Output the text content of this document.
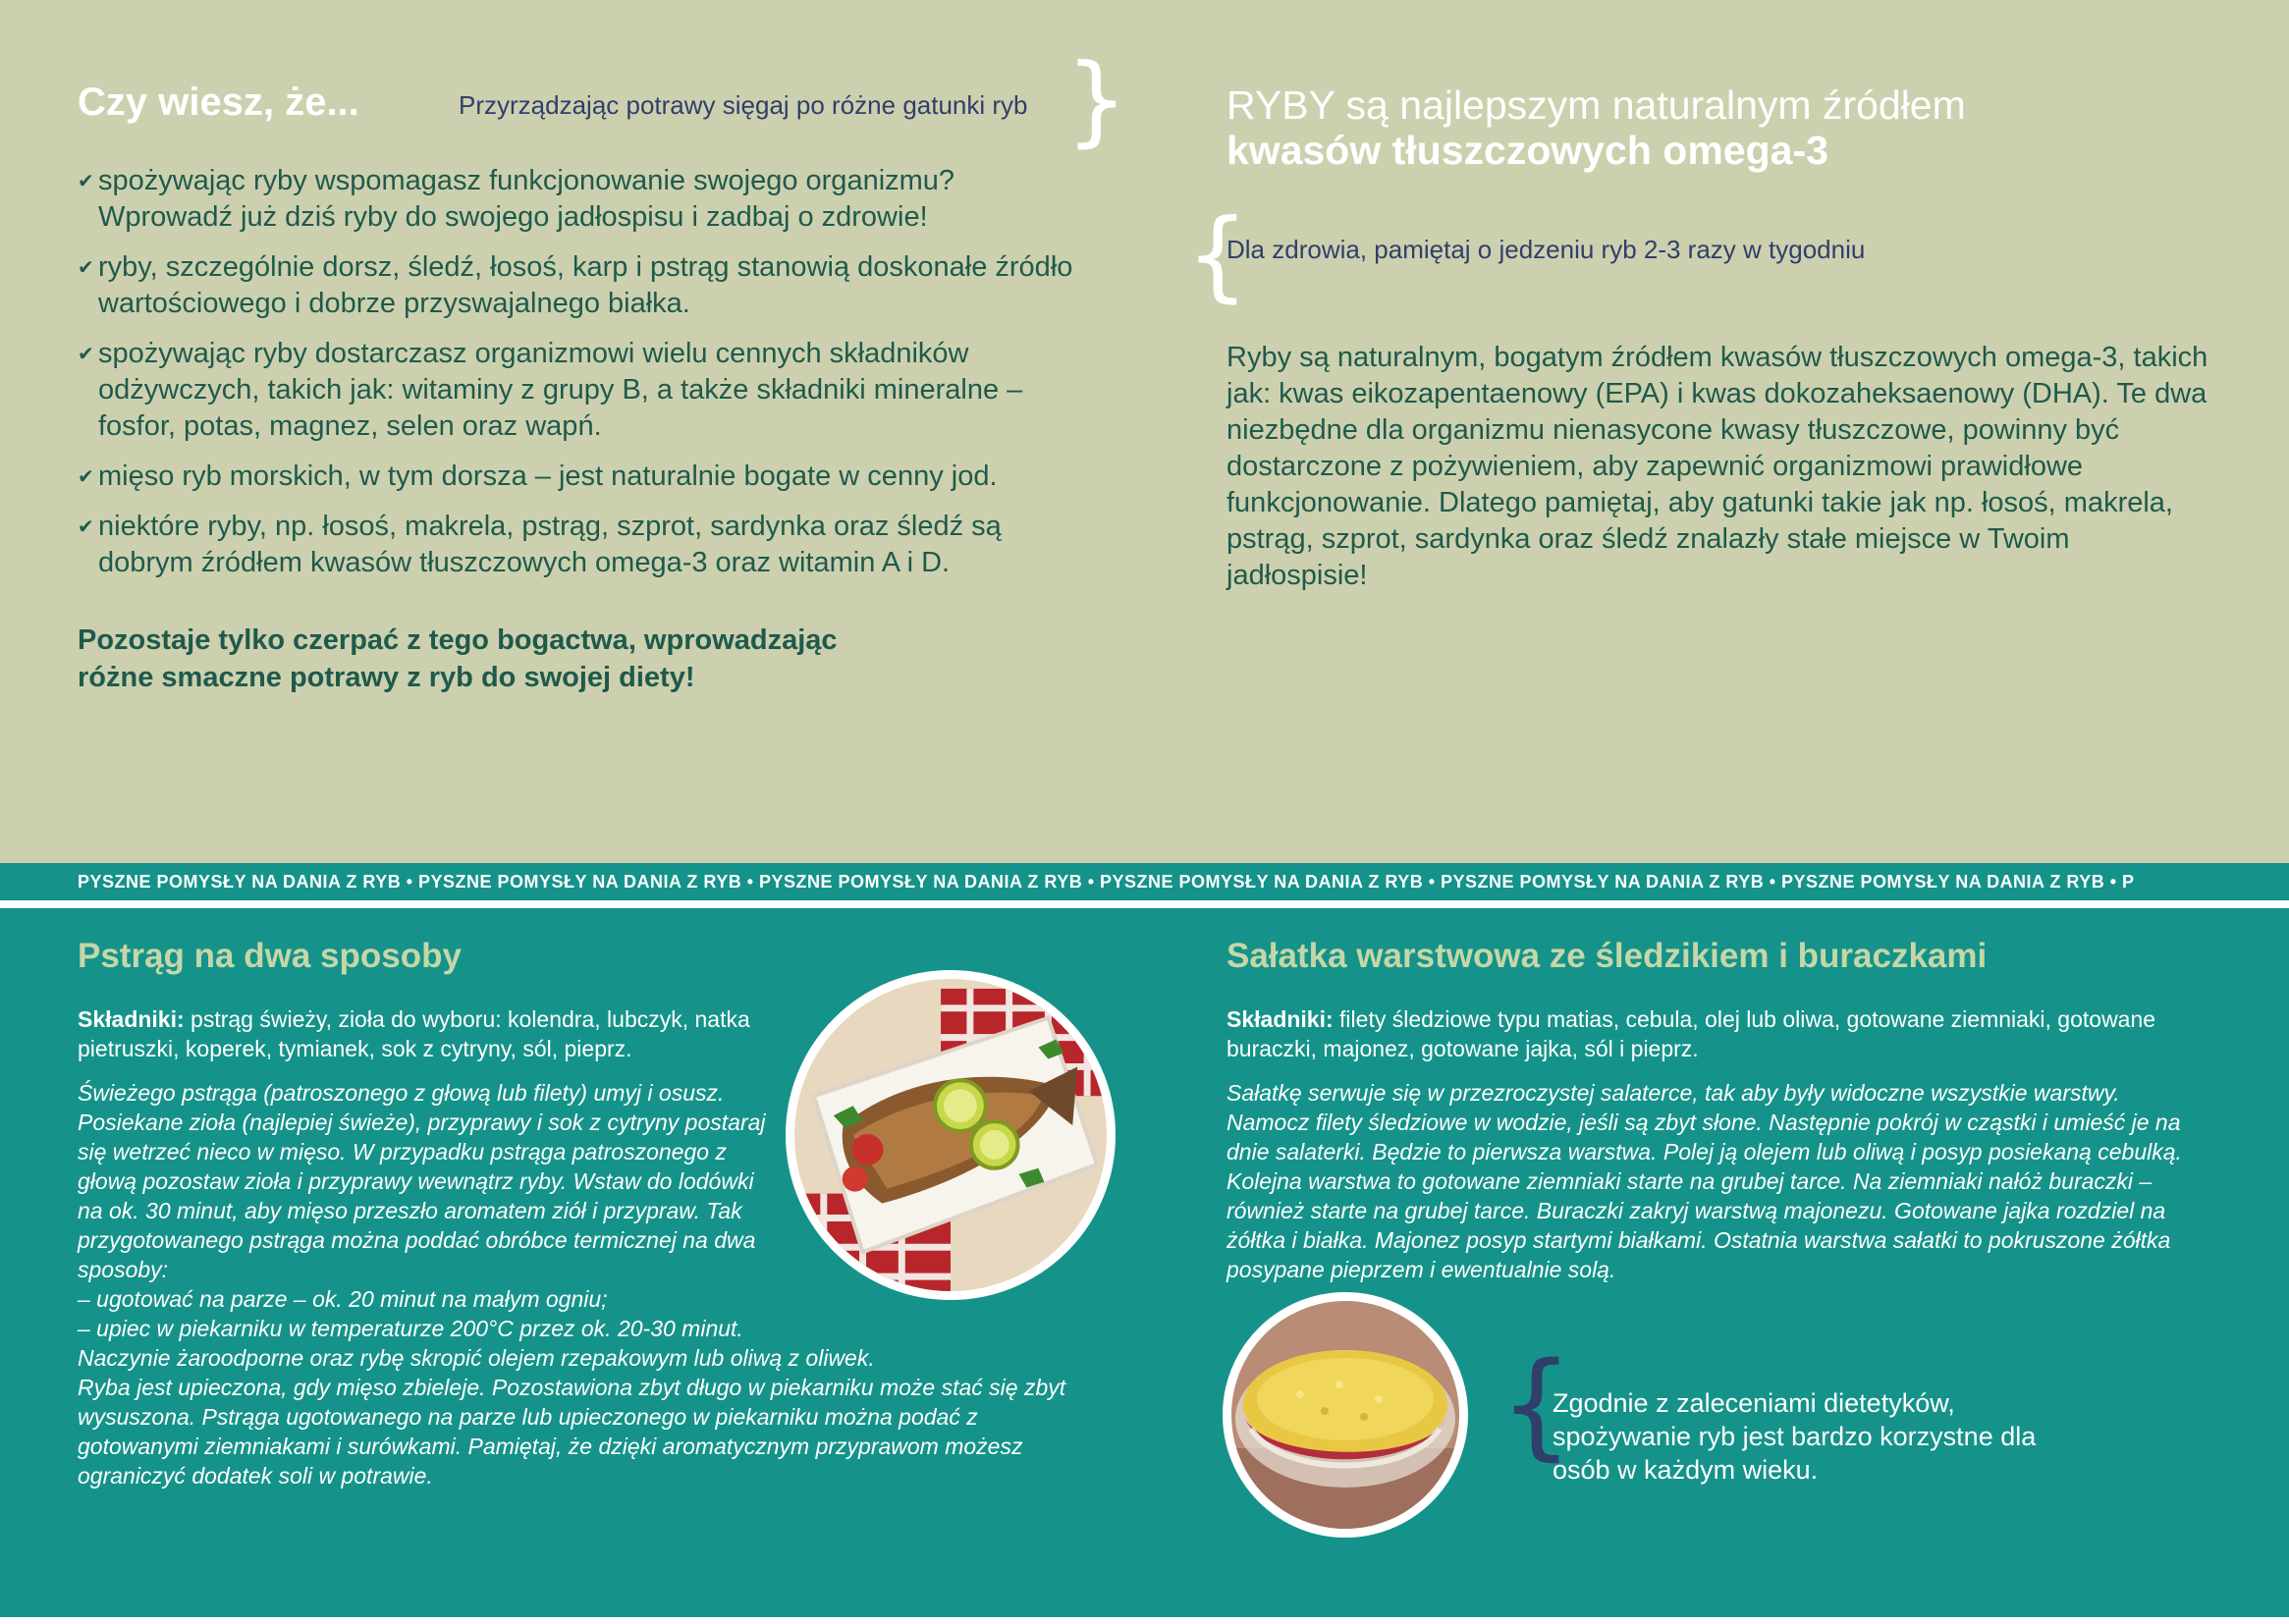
PYSZNE POMYSŁY NA DANIA Z RYB • PYSZNE POMYSŁY NA DANIA Z RYB • PYSZNE POMYSŁY NA DANIA Z RYB • PYSZNE POMYSŁY NA DANIA Z RYB • PYSZNE POMYSŁY NA DANIA Z RYB • PYSZNE POMYSŁY NA DANIA Z RYB • P
Czy wiesz, że...	Przyrządzając potrawy sięgaj po różne gatunki ryb }
✔ spożywając ryby wspomagasz funkcjonowanie swojego organizmu? Wprowadź już dziś ryby do swojego jadłospisu i zadbaj o zdrowie!
✔ ryby, szczególnie dorsz, śledź, łosoś, karp i pstrąg stanowią doskonałe źródło wartościowego i dobrze przyswajalnego białka.
✔ spożywając ryby dostarczasz organizmowi wielu cennych składników odżywczych, takich jak: witaminy z grupy B, a także składniki mineralne – fosfor, potas, magnez, selen oraz wapń.
✔ mięso ryb morskich, w tym dorsza – jest naturalnie bogate w cenny jod.
✔ niektóre ryby, np. łosoś, makrela, pstrąg, szprot, sardynka oraz śledź są dobrym źródłem kwasów tłuszczowych omega-3 oraz witamin A i D.
Pozostaje tylko czerpać z tego bogactwa, wprowadzając
różne smaczne potrawy z ryb do swojej diety!
RYBY są najlepszym naturalnym źródłem
kwasów tłuszczowych omega-3
{
Dla zdrowia, pamiętaj o jedzeniu ryb 2-3 razy w tygodniu

Ryby są naturalnym, bogatym źródłem kwasów tłuszczowych omega-3, takich jak: kwas eikozapentaenowy (EPA) i kwas dokozaheksaenowy (DHA). Te dwa niezbędne dla organizmu nienasycone kwasy tłuszczowe, powinny być dostarczone z pożywieniem, aby zapewnić organizmowi prawidłowe funkcjonowanie. Dlatego pamiętaj, aby gatunki takie jak np. łosoś, makrela, pstrąg, szprot, sardynka oraz śledź znalazły stałe miejsce w Twoim jadłospisie!

Pstrąg na dwa sposoby

Składniki: pstrąg świeży, zioła do wyboru: kolendra, lubczyk, natka pietruszki, koperek, tymianek, sok z cytryny, sól, pieprz.

Świeżego pstrąga (patroszonego z głową lub filety) umyj i osusz. Posiekane zioła (najlepiej świeże), przyprawy i sok z cytryny postaraj się wetrzeć nieco w mięso. W przypadku pstrąga patroszonego z głową pozostaw zioła i przyprawy wewnątrz ryby. Wstaw do lodówki na ok. 30 minut, aby mięso przeszło aromatem ziół i przypraw. Tak przygotowanego pstrąga można poddać obróbce termicznej na dwa sposoby:

– ugotować na parze – ok. 20 minut na małym ogniu;

– upiec w piekarniku w temperaturze 200°C przez ok. 20-30 minut.

Naczynie żaroodporne oraz rybę skropić olejem rzepakowym lub oliwą z oliwek.

Ryba jest upieczona, gdy mięso zbieleje. Pozostawiona zbyt długo w piekarniku może stać się zbyt wysuszona. Pstrąga ugotowanego na parze lub upieczonego w piekarniku można podać z gotowanymi ziemniakami i surówkami. Pamiętaj, że dzięki aromatycznym przyprawom możesz ograniczyć dodatek soli w potrawie.

Sałatka warstwowa ze śledzikiem i buraczkami

Składniki: filety śledziowe typu matias, cebula, olej lub oliwa, gotowane ziemniaki, gotowane buraczki, majonez, gotowane jajka, sól i pieprz.

Sałatkę serwuje się w przezroczystej salaterce, tak aby były widoczne wszystkie warstwy. Namocz filety śledziowe w wodzie, jeśli są zbyt słone. Następnie pokrój w cząstki i umieść je na dnie salaterki. Będzie to pierwsza warstwa. Polej ją olejem lub oliwą i posyp posiekaną cebulką. Kolejna warstwa to gotowane ziemniaki starte na grubej tarce. Na ziemniaki nałóż buraczki – również starte na grubej tarce. Buraczki zakryj warstwą majonezu. Gotowane jajka rozdziel na żółtka i białka. Majonez posyp startymi białkami. Ostatnia warstwa sałatki to pokruszone żółtka posypane pieprzem i ewentualnie solą.

{

Zgodnie z zaleceniami dietetyków, spożywanie ryb jest bardzo korzystne dla osób w każdym wieku.
